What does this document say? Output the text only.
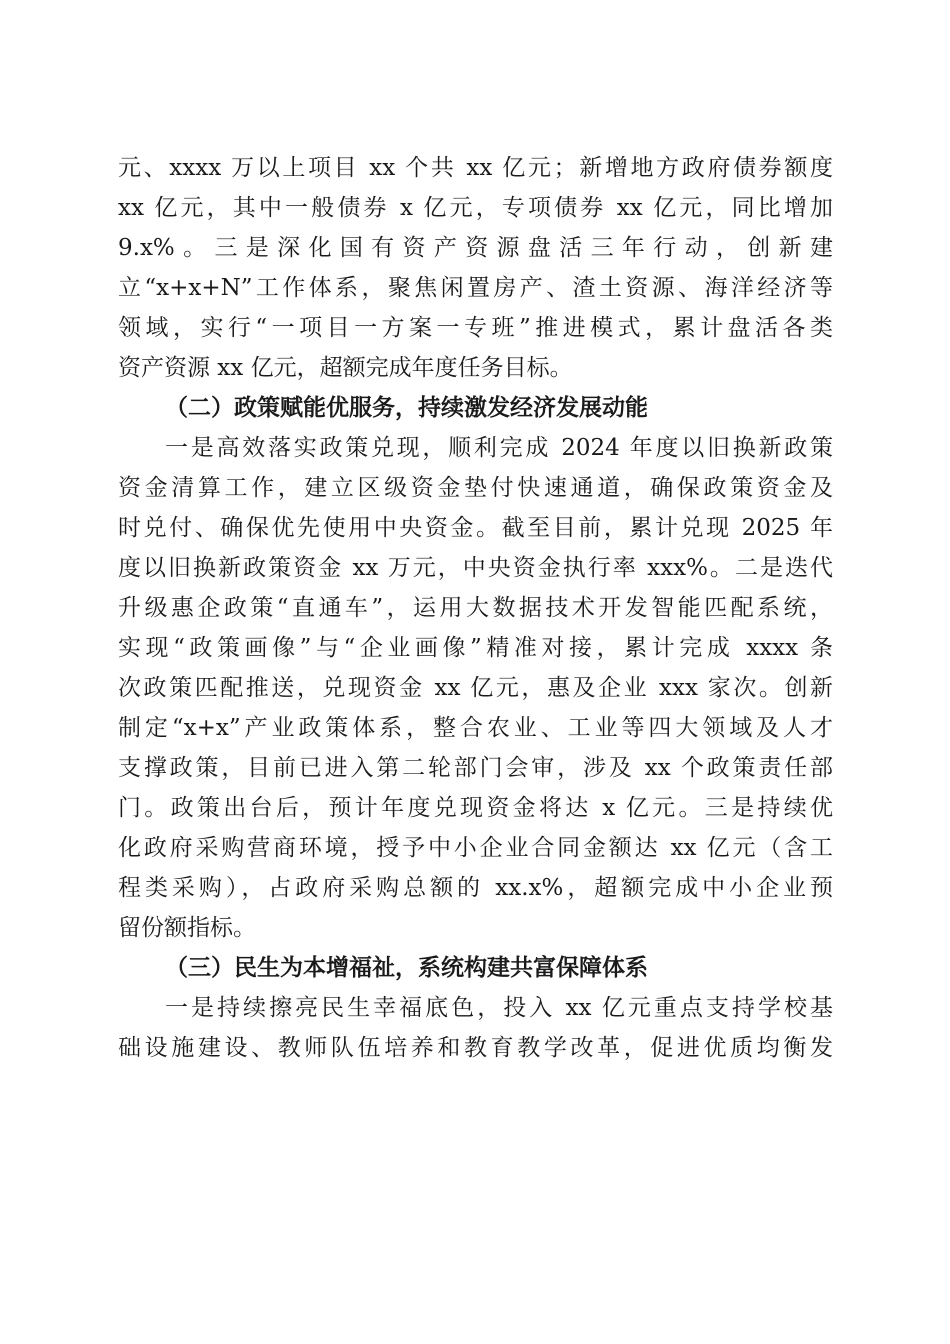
元、xxxx 万以上项目 xx 个共 xx 亿元；新增地方政府债券额度
xx 亿元，其中一般债券 x 亿元，专项债券 xx 亿元，同比增加
9.x%。三是深化国有资产资源盘活三年行动，创新建
立“x+x+N”工作体系，聚焦闲置房产、渣土资源、海洋经济等
领域，实行“一项目一方案一专班”推进模式，累计盘活各类
资产资源 xx 亿元，超额完成年度任务目标。
（二）政策赋能优服务，持续激发经济发展动能
一是高效落实政策兑现，顺利完成 2024 年度以旧换新政策
资金清算工作，建立区级资金垫付快速通道，确保政策资金及
时兑付、确保优先使用中央资金。截至目前，累计兑现 2025 年
度以旧换新政策资金 xx 万元，中央资金执行率 xxx%。二是迭代
升级惠企政策“直通车”，运用大数据技术开发智能匹配系统，
实现“政策画像”与“企业画像”精准对接，累计完成 xxxx 条
次政策匹配推送，兑现资金 xx 亿元，惠及企业 xxx 家次。创新
制定“x+x”产业政策体系，整合农业、工业等四大领域及人才
支撑政策，目前已进入第二轮部门会审，涉及 xx 个政策责任部
门。政策出台后，预计年度兑现资金将达 x 亿元。三是持续优
化政府采购营商环境，授予中小企业合同金额达 xx 亿元（含工
程类采购），占政府采购总额的 xx.x%，超额完成中小企业预
留份额指标。
（三）民生为本增福祉，系统构建共富保障体系
一是持续擦亮民生幸福底色，投入 xx 亿元重点支持学校基
础设施建设、教师队伍培养和教育教学改革，促进优质均衡发
